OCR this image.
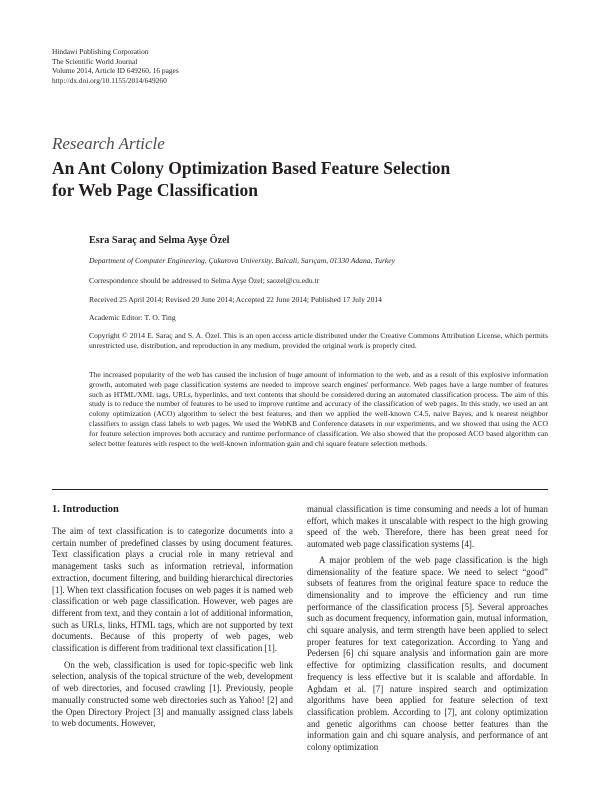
Hindawi Publishing Corporation
The Scientific World Journal
Volume 2014, Article ID 649260, 16 pages
http://dx.doi.org/10.1155/2014/649260
Research Article
An Ant Colony Optimization Based Feature Selection for Web Page Classification
Esra Saraç and Selma Ayşe Özel
Department of Computer Engineering, Çukurova University, Balcali, Sarıçam, 01330 Adana, Turkey
Correspondence should be addressed to Selma Ayşe Özel; saozel@cu.edu.tr
Received 25 April 2014; Revised 20 June 2014; Accepted 22 June 2014; Published 17 July 2014
Academic Editor: T. O. Ting
Copyright © 2014 E. Saraç and S. A. Özel. This is an open access article distributed under the Creative Commons Attribution License, which permits unrestricted use, distribution, and reproduction in any medium, provided the original work is properly cited.
The increased popularity of the web has caused the inclusion of huge amount of information to the web, and as a result of this explosive information growth, automated web page classification systems are needed to improve search engines' performance. Web pages have a large number of features such as HTML/XML tags, URLs, hyperlinks, and text contents that should be considered during an automated classification process. The aim of this study is to reduce the number of features to be used to improve runtime and accuracy of the classification of web pages. In this study, we used an ant colony optimization (ACO) algorithm to select the best features, and then we applied the well-known C4.5, naive Bayes, and k nearest neighbor classifiers to assign class labels to web pages. We used the WebKB and Conference datasets in our experiments, and we showed that using the ACO for feature selection improves both accuracy and runtime performance of classification. We also showed that the proposed ACO based algorithm can select better features with respect to the well-known information gain and chi square feature selection methods.
1. Introduction

The aim of text classification is to categorize documents into a certain number of predefined classes by using document features. Text classification plays a crucial role in many retrieval and management tasks such as information retrieval, information extraction, document filtering, and building hierarchical directories [1]. When text classification focuses on web pages it is named web classification or web page classification. However, web pages are different from text, and they contain a lot of additional information, such as URLs, links, HTML tags, which are not supported by text documents. Because of this property of web pages, web classification is different from traditional text classification [1].

On the web, classification is used for topic-specific web link selection, analysis of the topical structure of the web, development of web directories, and focused crawling [1]. Previously, people manually constructed some web directories such as Yahoo! [2] and the Open Directory Project [3] and manually assigned class labels to web documents. However,

manual classification is time consuming and needs a lot of human effort, which makes it unscalable with respect to the high growing speed of the web. Therefore, there has been great need for automated web page classification systems [4].

A major problem of the web page classification is the high dimensionality of the feature space. We need to select “good” subsets of features from the original feature space to reduce the dimensionality and to improve the efficiency and run time performance of the classification process [5]. Several approaches such as document frequency, information gain, mutual information, chi square analysis, and term strength have been applied to select proper features for text categorization. According to Yang and Pedersen [6] chi square analysis and information gain are more effective for optimizing classification results, and document frequency is less effective but it is scalable and affordable. In Aghdam et al. [7] nature inspired search and optimization algorithms have been applied for feature selection of text classification problem. According to [7], ant colony optimization and genetic algorithms can choose better features than the information gain and chi square analysis, and performance of ant colony optimization
